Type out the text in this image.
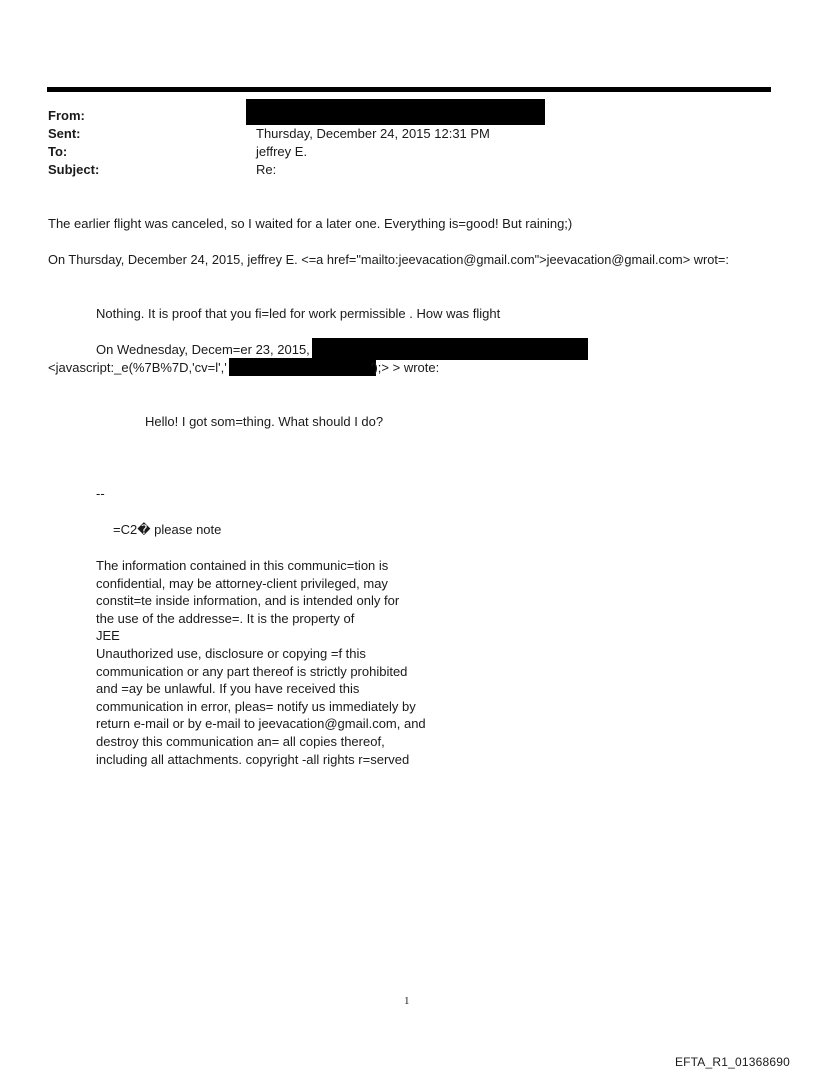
From:
Sent:
To:
Subject:
Thursday, December 24, 2015 12:31 PM
jeffrey E.
Re:
The earlier flight was canceled, so I waited for a later one. Everything is=good! But raining;)
On Thursday, December 24, 2015, jeffrey E. <=a href="mailto:jeevacation@gmail.com">jeevacation@gmail.com> wrot=:
Nothing. It is proof that you fi=led for work permissible . How was flight
On Wednesday, Decem=er 23, 2015,
<javascript:_e(%7B%7D,'cv=l','	');> > wrote:
Hello! I got som=thing. What should I do?
--
=C2� please note
The information contained in this communic=tion is
confidential, may be attorney-client privileged, may
constit=te inside information, and is intended only for
the use of the addresse=. It is the property of
JEE
Unauthorized use, disclosure or copying =f this
communication or any part thereof is strictly prohibited
and =ay be unlawful. If you have received this
communication in error, pleas= notify us immediately by
return e-mail or by e-mail to jeevacation@gmail.com, and
destroy this communication an= all copies thereof,
including all attachments. copyright -all rights r=served
1
EFTA_R1_01368690
